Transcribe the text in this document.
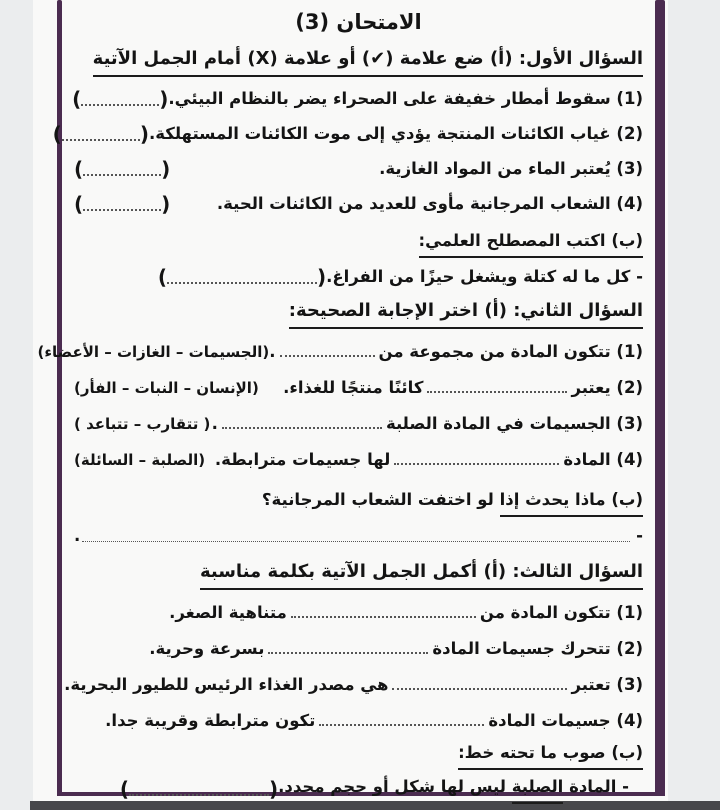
الامتحان (3)
السؤال الأول: (أ) ضع علامة (✔) أو علامة (X) أمام الجمل الآتية
(1) سقوط أمطار خفيفة على الصحراء يضر بالنظام البيئي.
(
)
(2) غياب الكائنات المنتجة يؤدي إلى موت الكائنات المستهلكة.
(
)
(3) يُعتبر الماء من المواد الغازية.
(
)
(4) الشعاب المرجانية مأوى للعديد من الكائنات الحية.
(
)
(ب) اكتب المصطلح العلمي:
- كل ما له كتلة ويشغل حيزًا من الفراغ.
(
)
السؤال الثاني: (أ) اختر الإجابة الصحيحة:
(1) تتكون المادة من مجموعة من.
(الجسيمات – الغازات – الأعضاء)
(2) يعتبركائنًا منتجًا للغذاء.
(الإنسان – النبات – الفأر)
(3) الجسيمات في المادة الصلبة.
( تتقارب – تتباعد )
(4) المادةلها جسيمات مترابطة.
(الصلبة – السائلة)
(ب) ماذا يحدث إذا لو اختفت الشعاب المرجانية؟
-
.
السؤال الثالث: (أ) أكمل الجمل الآتية بكلمة مناسبة
(1) تتكون المادة منمتناهية الصغر.
(2) تتحرك جسيمات المادةبسرعة وحرية.
(3) تعتبرهي مصدر الغذاء الرئيس للطيور البحرية.
(4) جسيمات المادةتكون مترابطة وقريبة جدا.
(ب) صوب ما تحته خط:
- المادة الصلبة ليس لها شكل أو حجم محدد.
(
)
